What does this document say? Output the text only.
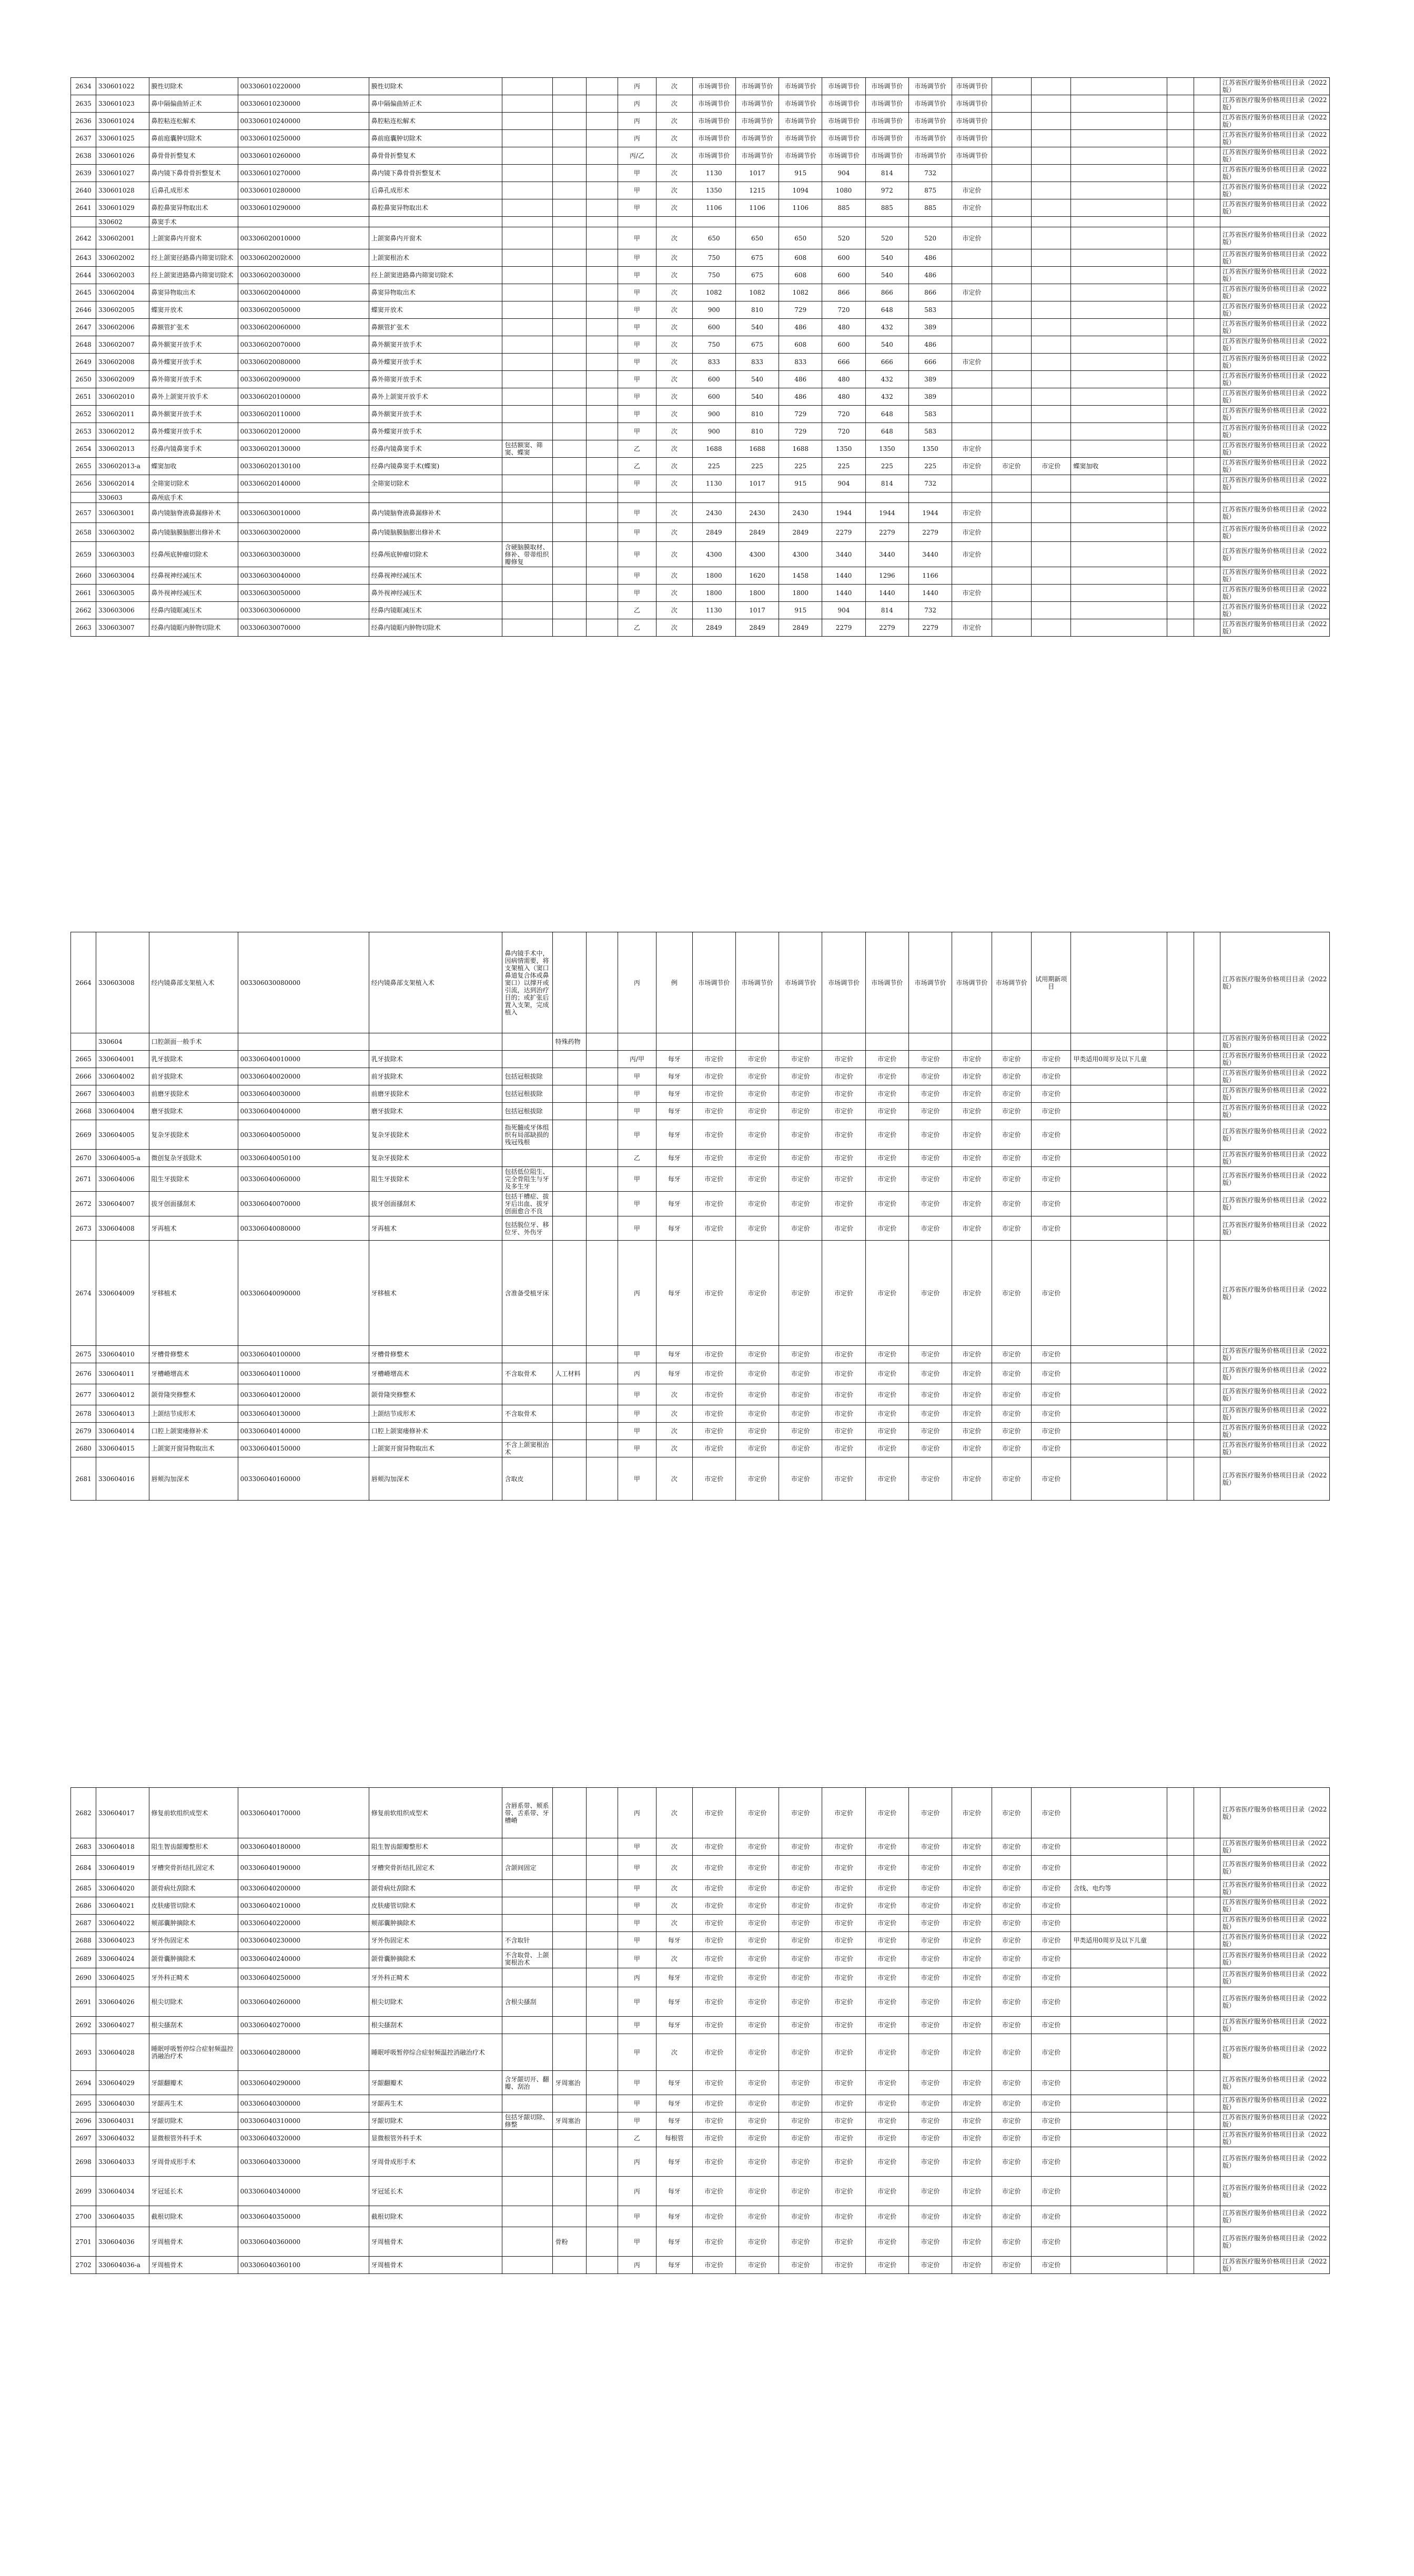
2634	330601022	膜性切除术	003306010220000	膜性切除术				丙	次	市场调节价	市场调节价	市场调节价	市场调节价	市场调节价	市场调节价	市场调节价						江苏省医疗服务价格项目目录（2022版）
2635	330601023	鼻中隔偏曲矫正术	003306010230000	鼻中隔偏曲矫正术				丙	次	市场调节价	市场调节价	市场调节价	市场调节价	市场调节价	市场调节价	市场调节价						江苏省医疗服务价格项目目录（2022版）
2636	330601024	鼻腔粘连松解术	003306010240000	鼻腔粘连松解术				丙	次	市场调节价	市场调节价	市场调节价	市场调节价	市场调节价	市场调节价	市场调节价						江苏省医疗服务价格项目目录（2022版）
2637	330601025	鼻前庭囊肿切除术	003306010250000	鼻前庭囊肿切除术				丙	次	市场调节价	市场调节价	市场调节价	市场调节价	市场调节价	市场调节价	市场调节价						江苏省医疗服务价格项目目录（2022版）
2638	330601026	鼻骨骨折整复术	003306010260000	鼻骨骨折整复术				丙/乙	次	市场调节价	市场调节价	市场调节价	市场调节价	市场调节价	市场调节价	市场调节价						江苏省医疗服务价格项目目录（2022版）
2639	330601027	鼻内镜下鼻骨骨折整复术	003306010270000	鼻内镜下鼻骨骨折整复术				甲	次	1130	1017	915	904	814	732							江苏省医疗服务价格项目目录（2022版）
2640	330601028	后鼻孔成形术	003306010280000	后鼻孔成形术				甲	次	1350	1215	1094	1080	972	875	市定价						江苏省医疗服务价格项目目录（2022版）
2641	330601029	鼻腔鼻窦异物取出术	003306010290000	鼻腔鼻窦异物取出术				甲	次	1106	1106	1106	885	885	885	市定价						江苏省医疗服务价格项目目录（2022版）
	330602	鼻窦手术																				
2642	330602001	上颌窦鼻内开窗术	003306020010000	上颌窦鼻内开窗术				甲	次	650	650	650	520	520	520	市定价						江苏省医疗服务价格项目目录（2022版）
2643	330602002	经上颌窦径路鼻内筛窦切除术	003306020020000	上颌窦根治术				甲	次	750	675	608	600	540	486							江苏省医疗服务价格项目目录（2022版）
2644	330602003	经上颌窦进路鼻内筛窦切除术	003306020030000	经上颌窦进路鼻内筛窦切除术				甲	次	750	675	608	600	540	486							江苏省医疗服务价格项目目录（2022版）
2645	330602004	鼻窦异物取出术	003306020040000	鼻窦异物取出术				甲	次	1082	1082	1082	866	866	866	市定价						江苏省医疗服务价格项目目录（2022版）
2646	330602005	蝶窦开放术	003306020050000	蝶窦开放术				甲	次	900	810	729	720	648	583							江苏省医疗服务价格项目目录（2022版）
2647	330602006	鼻额管扩张术	003306020060000	鼻额管扩张术				甲	次	600	540	486	480	432	389							江苏省医疗服务价格项目目录（2022版）
2648	330602007	鼻外额窦开放手术	003306020070000	鼻外额窦开放手术				甲	次	750	675	608	600	540	486							江苏省医疗服务价格项目目录（2022版）
2649	330602008	鼻外蝶窦开放手术	003306020080000	鼻外蝶窦开放手术				甲	次	833	833	833	666	666	666	市定价						江苏省医疗服务价格项目目录（2022版）
2650	330602009	鼻外筛窦开放手术	003306020090000	鼻外筛窦开放手术				甲	次	600	540	486	480	432	389							江苏省医疗服务价格项目目录（2022版）
2651	330602010	鼻外上颌窦开放手术	003306020100000	鼻外上颌窦开放手术				甲	次	600	540	486	480	432	389							江苏省医疗服务价格项目目录（2022版）
2652	330602011	鼻外额窦开放手术	003306020110000	鼻外额窦开放手术				甲	次	900	810	729	720	648	583							江苏省医疗服务价格项目目录（2022版）
2653	330602012	鼻外蝶窦开放手术	003306020120000	鼻外蝶窦开放手术				甲	次	900	810	729	720	648	583							江苏省医疗服务价格项目目录（2022版）
2654	330602013	经鼻内镜鼻窦手术	003306020130000	经鼻内镜鼻窦手术	包括额窦、筛窦、蝶窦			乙	次	1688	1688	1688	1350	1350	1350	市定价						江苏省医疗服务价格项目目录（2022版）
2655	330602013-a	蝶窦加收	003306020130100	经鼻内镜鼻窦手术(蝶窦)				乙	次	225	225	225	225	225	225	市定价	市定价	市定价	蝶窦加收			江苏省医疗服务价格项目目录（2022版）
2656	330602014	全筛窦切除术	003306020140000	全筛窦切除术				甲	次	1130	1017	915	904	814	732							江苏省医疗服务价格项目目录（2022版）
	330603	鼻颅底手术																				
2657	330603001	鼻内镜脑脊液鼻漏修补术	003306030010000	鼻内镜脑脊液鼻漏修补术				甲	次	2430	2430	2430	1944	1944	1944	市定价						江苏省医疗服务价格项目目录（2022版）
2658	330603002	鼻内镜脑膜脑膨出修补术	003306030020000	鼻内镜脑膜脑膨出修补术				甲	次	2849	2849	2849	2279	2279	2279	市定价						江苏省医疗服务价格项目目录（2022版）
2659	330603003	经鼻颅底肿瘤切除术	003306030030000	经鼻颅底肿瘤切除术	含硬脑膜取材、修补、带蒂组织瓣修复			甲	次	4300	4300	4300	3440	3440	3440	市定价						江苏省医疗服务价格项目目录（2022版）
2660	330603004	经鼻视神经减压术	003306030040000	经鼻视神经减压术				甲	次	1800	1620	1458	1440	1296	1166							江苏省医疗服务价格项目目录（2022版）
2661	330603005	鼻外视神经减压术	003306030050000	鼻外视神经减压术				甲	次	1800	1800	1800	1440	1440	1440	市定价						江苏省医疗服务价格项目目录（2022版）
2662	330603006	经鼻内镜眶减压术	003306030060000	经鼻内镜眶减压术				乙	次	1130	1017	915	904	814	732							江苏省医疗服务价格项目目录（2022版）
2663	330603007	经鼻内镜眶内肿物切除术	003306030070000	经鼻内镜眶内肿物切除术				乙	次	2849	2849	2849	2279	2279	2279	市定价						江苏省医疗服务价格项目目录（2022版）
2664	330603008	经内镜鼻部支架植入术	003306030080000	经内镜鼻部支架植入术	鼻内镜手术中，因病情需要，将支架植入（窦口鼻道复合体或鼻窦口）以撑开或引流，达到治疗目的；或扩张后置入支架，完成植入			丙	例	市场调节价	市场调节价	市场调节价	市场调节价	市场调节价	市场调节价	市场调节价	市场调节价	试用期新项目				江苏省医疗服务价格项目目录（2022版）
	330604	口腔颌面一般手术				特殊药物																江苏省医疗服务价格项目目录（2022版）
2665	330604001	乳牙拔除术	003306040010000	乳牙拔除术				丙/甲	每牙	市定价	市定价	市定价	市定价	市定价	市定价	市定价	市定价	市定价	甲类适用0周岁及以下儿童			江苏省医疗服务价格项目目录（2022版）
2666	330604002	前牙拔除术	003306040020000	前牙拔除术	包括冠根拔除			甲	每牙	市定价	市定价	市定价	市定价	市定价	市定价	市定价	市定价	市定价				江苏省医疗服务价格项目目录（2022版）
2667	330604003	前磨牙拔除术	003306040030000	前磨牙拔除术	包括冠根拔除			甲	每牙	市定价	市定价	市定价	市定价	市定价	市定价	市定价	市定价	市定价				江苏省医疗服务价格项目目录（2022版）
2668	330604004	磨牙拔除术	003306040040000	磨牙拔除术	包括冠根拔除			甲	每牙	市定价	市定价	市定价	市定价	市定价	市定价	市定价	市定价	市定价				江苏省医疗服务价格项目目录（2022版）
2669	330604005	复杂牙拔除术	003306040050000	复杂牙拔除术	指死髓或牙体组织有局部缺损的残冠残根			甲	每牙	市定价	市定价	市定价	市定价	市定价	市定价	市定价	市定价	市定价				江苏省医疗服务价格项目目录（2022版）
2670	330604005-a	微创复杂牙拔除术	003306040050100	复杂牙拔除术				乙	每牙	市定价	市定价	市定价	市定价	市定价	市定价	市定价	市定价	市定价				江苏省医疗服务价格项目目录（2022版）
2671	330604006	阻生牙拔除术	003306040060000	阻生牙拔除术	包括低位阻生、完全骨阻生与牙及多生牙			甲	每牙	市定价	市定价	市定价	市定价	市定价	市定价	市定价	市定价	市定价				江苏省医疗服务价格项目目录（2022版）
2672	330604007	拔牙创面搔刮术	003306040070000	拔牙创面搔刮术	包括干槽症、拔牙后出血、拔牙创面愈合不良			甲	每牙	市定价	市定价	市定价	市定价	市定价	市定价	市定价	市定价	市定价				江苏省医疗服务价格项目目录（2022版）
2673	330604008	牙再植术	003306040080000	牙再植术	包括脱位牙、移位牙、外伤牙			甲	每牙	市定价	市定价	市定价	市定价	市定价	市定价	市定价	市定价	市定价				江苏省医疗服务价格项目目录（2022版）
2674	330604009	牙移植术	003306040090000	牙移植术	含准备受植牙床			丙	每牙	市定价	市定价	市定价	市定价	市定价	市定价	市定价	市定价	市定价				江苏省医疗服务价格项目目录（2022版）
2675	330604010	牙槽骨修整术	003306040100000	牙槽骨修整术				甲	每牙	市定价	市定价	市定价	市定价	市定价	市定价	市定价	市定价	市定价				江苏省医疗服务价格项目目录（2022版）
2676	330604011	牙槽嵴增高术	003306040110000	牙槽嵴增高术	不含取骨术	人工材料		丙	每牙	市定价	市定价	市定价	市定价	市定价	市定价	市定价	市定价	市定价				江苏省医疗服务价格项目目录（2022版）
2677	330604012	颌骨隆突修整术	003306040120000	颌骨隆突修整术				甲	次	市定价	市定价	市定价	市定价	市定价	市定价	市定价	市定价	市定价				江苏省医疗服务价格项目目录（2022版）
2678	330604013	上颌结节成形术	003306040130000	上颌结节成形术	不含取骨术			甲	次	市定价	市定价	市定价	市定价	市定价	市定价	市定价	市定价	市定价				江苏省医疗服务价格项目目录（2022版）
2679	330604014	口腔上颌窦瘘修补术	003306040140000	口腔上颌窦瘘修补术				甲	次	市定价	市定价	市定价	市定价	市定价	市定价	市定价	市定价	市定价				江苏省医疗服务价格项目目录（2022版）
2680	330604015	上颌窦开窗异物取出术	003306040150000	上颌窦开窗异物取出术	不含上颌窦根治术			甲	次	市定价	市定价	市定价	市定价	市定价	市定价	市定价	市定价	市定价				江苏省医疗服务价格项目目录（2022版）
2681	330604016	唇颊沟加深术	003306040160000	唇颊沟加深术	含取皮			甲	次	市定价	市定价	市定价	市定价	市定价	市定价	市定价	市定价	市定价				江苏省医疗服务价格项目目录（2022版）
2682	330604017	修复前软组织成型术	003306040170000	修复前软组织成型术	含唇系带、颊系带、舌系带、牙槽嵴			丙	次	市定价	市定价	市定价	市定价	市定价	市定价	市定价	市定价	市定价				江苏省医疗服务价格项目目录（2022版）
2683	330604018	阻生智齿龈瓣整形术	003306040180000	阻生智齿龈瓣整形术				甲	次	市定价	市定价	市定价	市定价	市定价	市定价	市定价	市定价	市定价				江苏省医疗服务价格项目目录（2022版）
2684	330604019	牙槽突骨折结扎固定术	003306040190000	牙槽突骨折结扎固定术	含颌间固定			甲	次	市定价	市定价	市定价	市定价	市定价	市定价	市定价	市定价	市定价				江苏省医疗服务价格项目目录（2022版）
2685	330604020	颌骨病灶刮除术	003306040200000	颌骨病灶刮除术				甲	次	市定价	市定价	市定价	市定价	市定价	市定价	市定价	市定价	市定价	含线、电灼等			江苏省医疗服务价格项目目录（2022版）
2686	330604021	皮肤痿管切除术	003306040210000	皮肤痿管切除术				甲	次	市定价	市定价	市定价	市定价	市定价	市定价	市定价	市定价	市定价				江苏省医疗服务价格项目目录（2022版）
2687	330604022	颊部囊肿摘除术	003306040220000	颊部囊肿摘除术				甲	次	市定价	市定价	市定价	市定价	市定价	市定价	市定价	市定价	市定价				江苏省医疗服务价格项目目录（2022版）
2688	330604023	牙外伤固定术	003306040230000	牙外伤固定术	不含取针			甲	每牙	市定价	市定价	市定价	市定价	市定价	市定价	市定价	市定价	市定价	甲类适用0周岁及以下儿童			江苏省医疗服务价格项目目录（2022版）
2689	330604024	颌骨囊肿摘除术	003306040240000	颌骨囊肿摘除术	不含取骨、上颌窦根治术			甲	次	市定价	市定价	市定价	市定价	市定价	市定价	市定价	市定价	市定价				江苏省医疗服务价格项目目录（2022版）
2690	330604025	牙外科正畸术	003306040250000	牙外科正畸术				丙	每牙	市定价	市定价	市定价	市定价	市定价	市定价	市定价	市定价	市定价				江苏省医疗服务价格项目目录（2022版）
2691	330604026	根尖切除术	003306040260000	根尖切除术	含根尖搔刮			甲	每牙	市定价	市定价	市定价	市定价	市定价	市定价	市定价	市定价	市定价				江苏省医疗服务价格项目目录（2022版）
2692	330604027	根尖搔刮术	003306040270000	根尖搔刮术				甲	每牙	市定价	市定价	市定价	市定价	市定价	市定价	市定价	市定价	市定价				江苏省医疗服务价格项目目录（2022版）
2693	330604028	睡眠呼吸暂停综合症射频温控消融治疗术	003306040280000	睡眠呼吸暂停综合症射频温控消融治疗术				甲	次	市定价	市定价	市定价	市定价	市定价	市定价	市定价	市定价	市定价				江苏省医疗服务价格项目目录（2022版）
2694	330604029	牙龈翻瓣术	003306040290000	牙龈翻瓣术	含牙龈切开、翻瓣、刮治	牙周塞治		甲	每牙	市定价	市定价	市定价	市定价	市定价	市定价	市定价	市定价	市定价				江苏省医疗服务价格项目目录（2022版）
2695	330604030	牙龈再生术	003306040300000	牙龈再生术				甲	每牙	市定价	市定价	市定价	市定价	市定价	市定价	市定价	市定价	市定价				江苏省医疗服务价格项目目录（2022版）
2696	330604031	牙龈切除术	003306040310000	牙龈切除术	包括牙龈切除、修整	牙周塞治		甲	每牙	市定价	市定价	市定价	市定价	市定价	市定价	市定价	市定价	市定价				江苏省医疗服务价格项目目录（2022版）
2697	330604032	显微根管外科手术	003306040320000	显微根管外科手术				乙	每根管	市定价	市定价	市定价	市定价	市定价	市定价	市定价	市定价	市定价				江苏省医疗服务价格项目目录（2022版）
2698	330604033	牙周骨成形手术	003306040330000	牙周骨成形手术				丙	每牙	市定价	市定价	市定价	市定价	市定价	市定价	市定价	市定价	市定价				江苏省医疗服务价格项目目录（2022版）
2699	330604034	牙冠延长术	003306040340000	牙冠延长术				丙	每牙	市定价	市定价	市定价	市定价	市定价	市定价	市定价	市定价	市定价				江苏省医疗服务价格项目目录（2022版）
2700	330604035	截根切除术	003306040350000	截根切除术				甲	每牙	市定价	市定价	市定价	市定价	市定价	市定价	市定价	市定价	市定价				江苏省医疗服务价格项目目录（2022版）
2701	330604036	牙周植骨术	003306040360000	牙周植骨术		骨粉		甲	每牙	市定价	市定价	市定价	市定价	市定价	市定价	市定价	市定价	市定价				江苏省医疗服务价格项目目录（2022版）
2702	330604036-a	牙周植骨术	003306040360100	牙周植骨术				丙	每牙	市定价	市定价	市定价	市定价	市定价	市定价	市定价	市定价	市定价				江苏省医疗服务价格项目目录（2022版）
